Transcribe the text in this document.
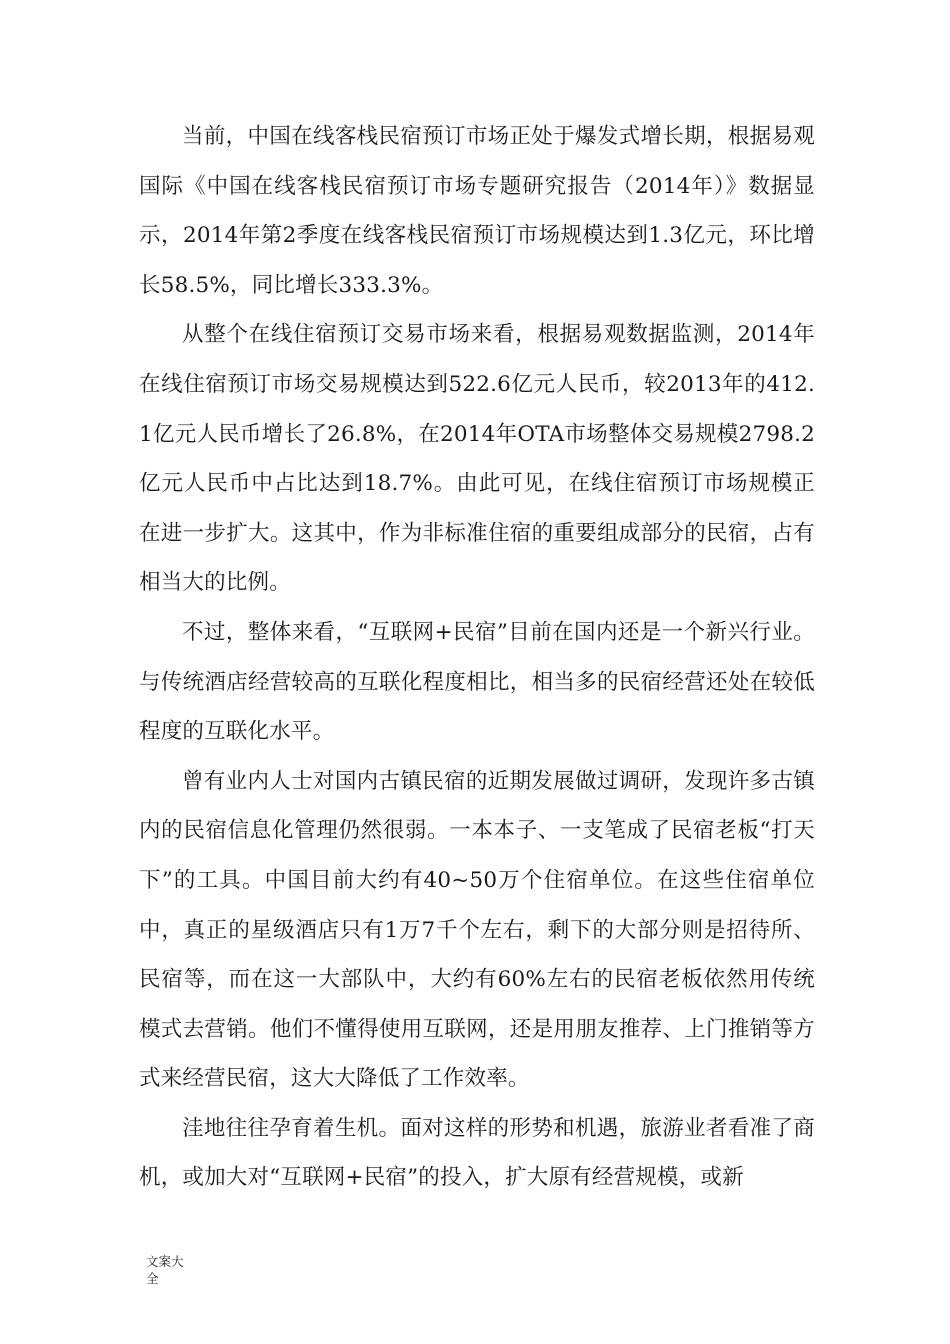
当前，中国在线客栈民宿预订市场正处于爆发式增长期，根据易观国际《中国在线客栈民宿预订市场专题研究报告（2014年）》数据显示，2014年第2季度在线客栈民宿预订市场规模达到1.3亿元，环比增长58.5%，同比增长333.3%。

从整个在线住宿预订交易市场来看，根据易观数据监测，2014年在线住宿预订市场交易规模达到522.6亿元人民币，较2013年的412.1亿元人民币增长了26.8%，在2014年OTA市场整体交易规模2798.2亿元人民币中占比达到18.7%。由此可见，在线住宿预订市场规模正在进一步扩大。这其中，作为非标准住宿的重要组成部分的民宿，占有相当大的比例。

不过，整体来看，“互联网+民宿”目前在国内还是一个新兴行业。与传统酒店经营较高的互联化程度相比，相当多的民宿经营还处在较低程度的互联化水平。

曾有业内人士对国内古镇民宿的近期发展做过调研，发现许多古镇内的民宿信息化管理仍然很弱。一本本子、一支笔成了民宿老板“打天下”的工具。中国目前大约有40~50万个住宿单位。在这些住宿单位中，真正的星级酒店只有1万7千个左右，剩下的大部分则是招待所、民宿等，而在这一大部队中，大约有60%左右的民宿老板依然用传统模式去营销。他们不懂得使用互联网，还是用朋友推荐、上门推销等方式来经营民宿，这大大降低了工作效率。

洼地往往孕育着生机。面对这样的形势和机遇，旅游业者看准了商机，或加大对“互联网+民宿”的投入，扩大原有经营规模，或新

文案大全
